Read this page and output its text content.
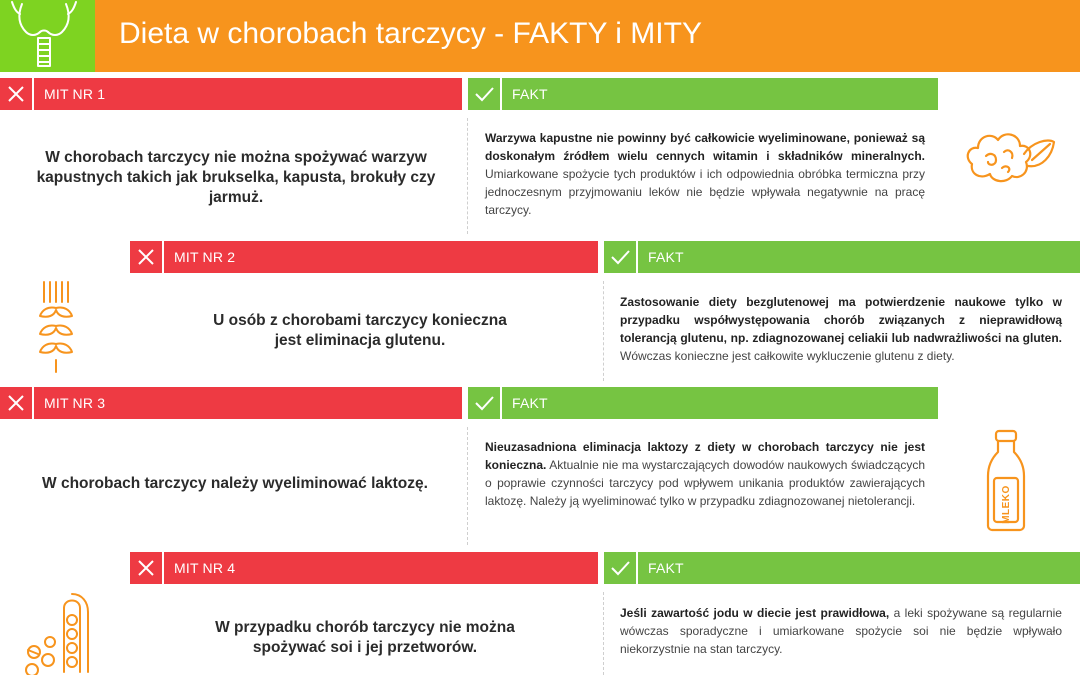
Dieta w chorobach tarczycy - FAKTY i MITY
MIT NR 1	FAKT
W chorobach tarczycy nie można spożywać warzyw kapustnych takich jak brukselka, kapusta, brokuły czy jarmuż.
Warzywa kapustne nie powinny być całkowicie wyeliminowane, ponieważ są doskonałym źródłem wielu cennych witamin i składników mineralnych. Umiarkowane spożycie tych produktów i ich odpowiednia obróbka termiczna przy jednoczesnym przyjmowaniu leków nie będzie wpływała negatywnie na pracę tarczycy.
MIT NR 2	FAKT
U osób z chorobami tarczycy konieczna jest eliminacja glutenu.
Zastosowanie diety bezglutenowej ma potwierdzenie naukowe tylko w przypadku współwystępowania chorób związanych z nieprawidłową tolerancją glutenu, np. zdiagnozowanej celiakii lub nadwrażliwości na gluten. Wówczas konieczne jest całkowite wykluczenie glutenu z diety.
MIT NR 3	FAKT
W chorobach tarczycy należy wyeliminować laktozę.
Nieuzasadniona eliminacja laktozy z diety w chorobach tarczycy nie jest konieczna. Aktualnie nie ma wystarczających dowodów naukowych świadczących o poprawie czynności tarczycy pod wpływem unikania produktów zawierających laktozę. Należy ją wyeliminować tylko w przypadku zdiagnozowanej nietolerancji.	MLEKO
MIT NR 4	FAKT
W przypadku chorób tarczycy nie można spożywać soi i jej przetworów.
Jeśli zawartość jodu w diecie jest prawidłowa, a leki spożywane są regularnie wówczas sporadyczne i umiarkowane spożycie soi nie będzie wpływało niekorzystnie na stan tarczycy.
